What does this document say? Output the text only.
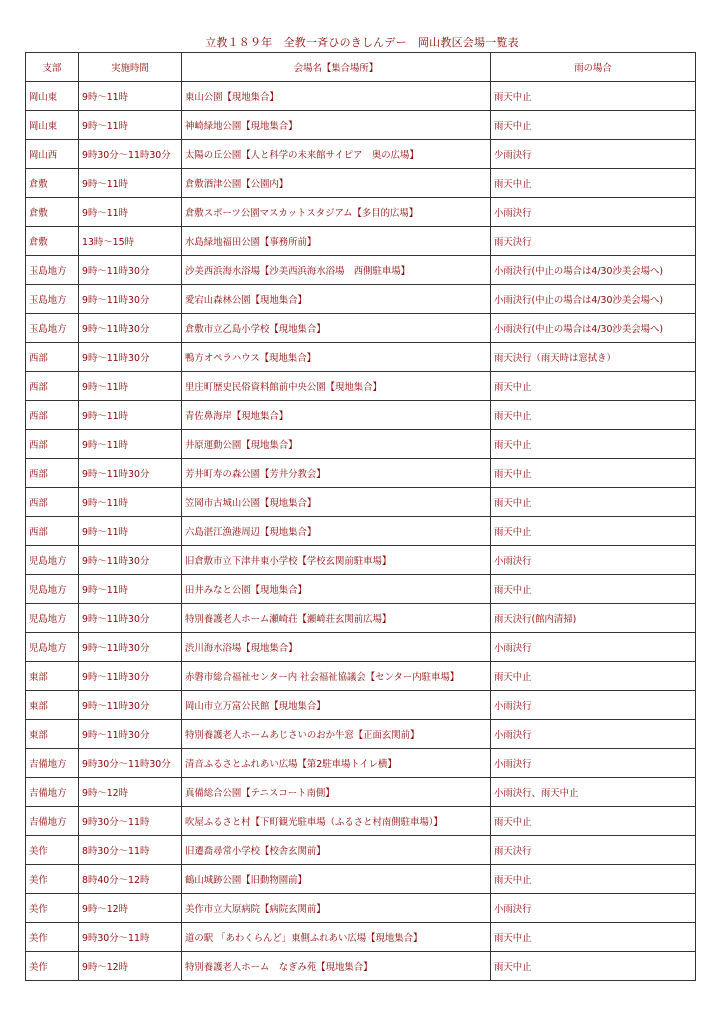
立教１８９年　全教一斉ひのきしんデー　岡山教区会場一覧表
支部	実施時間	会場名【集合場所】	雨の場合
岡山東	9時～11時	東山公園【現地集合】	雨天中止
岡山東	9時～11時	神崎緑地公園【現地集合】	雨天中止
岡山西	9時30分～11時30分	太陽の丘公園【人と科学の未来館サイピア　奥の広場】	少雨決行
倉敷	9時～11時	倉敷酒津公園【公園内】	雨天中止
倉敷	9時～11時	倉敷スポーツ公園マスカットスタジアム【多目的広場】	小雨決行
倉敷	13時～15時	水島緑地福田公園【事務所前】	雨天決行
玉島地方	9時～11時30分	沙美西浜海水浴場【沙美西浜海水浴場　西側駐車場】	小雨決行(中止の場合は4/30沙美会場へ)
玉島地方	9時～11時30分	愛宕山森林公園【現地集合】	小雨決行(中止の場合は4/30沙美会場へ)
玉島地方	9時～11時30分	倉敷市立乙島小学校【現地集合】	小雨決行(中止の場合は4/30沙美会場へ)
西部	9時～11時30分	鴨方オペラハウス【現地集合】	雨天決行（雨天時は窓拭き）
西部	9時～11時	里庄町歴史民俗資料館前中央公園【現地集合】	雨天中止
西部	9時～11時	青佐鼻海岸【現地集合】	雨天中止
西部	9時～11時	井原運動公園【現地集合】	雨天中止
西部	9時～11時30分	芳井町寿の森公園【芳井分教会】	雨天中止
西部	9時～11時	笠岡市古城山公園【現地集合】	雨天中止
西部	9時～11時	六島湛江漁港周辺【現地集合】	雨天中止
児島地方	9時～11時30分	旧倉敷市立下津井東小学校【学校玄関前駐車場】	小雨決行
児島地方	9時～11時	田井みなと公園【現地集合】	雨天中止
児島地方	9時～11時30分	特別養護老人ホーム瀬崎荘【瀬崎荘玄関前広場】	雨天決行(館内清掃)
児島地方	9時～11時30分	渋川海水浴場【現地集合】	小雨決行
東部	9時～11時30分	赤磐市総合福祉センター内 社会福祉協議会【センター内駐車場】	雨天中止
東部	9時～11時30分	岡山市立万富公民館【現地集合】	小雨決行
東部	9時～11時30分	特別養護老人ホームあじさいのおか牛窓【正面玄関前】	小雨決行
吉備地方	9時30分～11時30分	清音ふるさとふれあい広場【第2駐車場トイレ横】	小雨決行
吉備地方	9時～12時	真備総合公園【テニスコート南側】	小雨決行、雨天中止
吉備地方	9時30分～11時	吹屋ふるさと村【下町観光駐車場（ふるさと村南側駐車場）】	雨天中止
美作	8時30分～11時	旧遷喬尋常小学校【校舎玄関前】	雨天決行
美作	8時40分～12時	鶴山城跡公園【旧動物園前】	雨天中止
美作	9時～12時	美作市立大原病院【病院玄関前】	小雨決行
美作	9時30分～11時	道の駅 「あわくらんど」東側ふれあい広場【現地集合】	雨天中止
美作	9時～12時	特別養護老人ホーム　なぎみ苑【現地集合】	雨天中止
